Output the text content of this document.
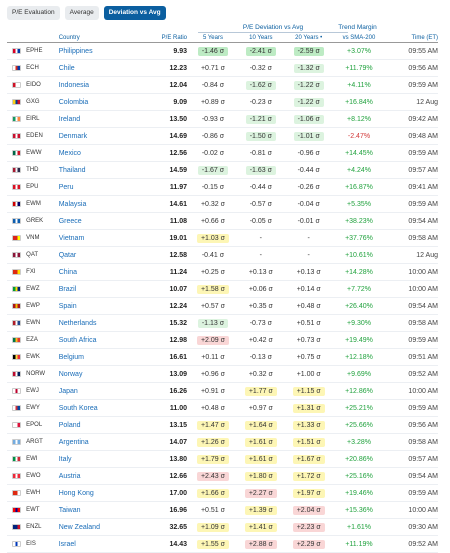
P/E Evaluation	Average	Deviation vs Avg
P/E Deviation vs Avg	Trend Margin
Country	P/E Ratio	5 Years	10 Years	20 Years •	vs SMA-200	Time (ET)
EPHE	Philippines	9.93	-1.46 σ	-2.41 σ	-2.59 σ	+3.07%	09:55 AM
ECH	Chile	12.23	+0.71 σ	-0.32 σ	-1.32 σ	+11.79%	09:56 AM
EIDO	Indonesia	12.04	-0.84 σ	-1.62 σ	-1.22 σ	+4.11%	09:59 AM
GXG	Colombia	9.09	+0.89 σ	-0.23 σ	-1.22 σ	+16.84%	12 Aug
EIRL	Ireland	13.50	-0.93 σ	-1.21 σ	-1.06 σ	+8.12%	09:42 AM
EDEN	Denmark	14.69	-0.86 σ	-1.50 σ	-1.01 σ	-2.47%	09:48 AM
EWW	Mexico	12.56	-0.02 σ	-0.81 σ	-0.96 σ	+14.45%	09:59 AM
THD	Thailand	14.59	-1.67 σ	-1.63 σ	-0.44 σ	+4.24%	09:57 AM
EPU	Peru	11.97	-0.15 σ	-0.44 σ	-0.26 σ	+16.87%	09:41 AM
EWM	Malaysia	14.61	+0.32 σ	-0.57 σ	-0.04 σ	+5.35%	09:59 AM
GREK	Greece	11.08	+0.66 σ	-0.05 σ	-0.01 σ	+38.23%	09:54 AM
VNM	Vietnam	19.01	+1.03 σ	-	-	+37.76%	09:58 AM
QAT	Qatar	12.58	-0.41 σ	-	-	+10.61%	12 Aug
FXI	China	11.24	+0.25 σ	+0.13 σ	+0.13 σ	+14.28%	10:00 AM
EWZ	Brazil	10.07	+1.58 σ	+0.06 σ	+0.14 σ	+7.72%	10:00 AM
EWP	Spain	12.24	+0.57 σ	+0.35 σ	+0.48 σ	+26.40%	09:54 AM
EWN	Netherlands	15.32	-1.13 σ	-0.73 σ	+0.51 σ	+9.30%	09:58 AM
EZA	South Africa	12.98	+2.09 σ	+0.42 σ	+0.73 σ	+19.49%	09:59 AM
EWK	Belgium	16.61	+0.11 σ	-0.13 σ	+0.75 σ	+12.18%	09:51 AM
NORW	Norway	13.09	+0.96 σ	+0.32 σ	+1.00 σ	+9.69%	09:52 AM
EWJ	Japan	16.26	+0.91 σ	+1.77 σ	+1.15 σ	+12.86%	10:00 AM
EWY	South Korea	11.00	+0.48 σ	+0.97 σ	+1.31 σ	+25.21%	09:59 AM
EPOL	Poland	13.15	+1.47 σ	+1.64 σ	+1.33 σ	+25.66%	09:56 AM
ARGT	Argentina	14.07	+1.26 σ	+1.61 σ	+1.51 σ	+3.28%	09:58 AM
EWI	Italy	13.80	+1.79 σ	+1.61 σ	+1.67 σ	+20.86%	09:57 AM
EWO	Austria	12.66	+2.43 σ	+1.80 σ	+1.72 σ	+25.16%	09:54 AM
EWH	Hong Kong	17.00	+1.66 σ	+2.27 σ	+1.97 σ	+19.46%	09:59 AM
EWT	Taiwan	16.96	+0.51 σ	+1.39 σ	+2.04 σ	+15.36%	10:00 AM
ENZL	New Zealand	32.65	+1.09 σ	+1.41 σ	+2.23 σ	+1.61%	09:30 AM
EIS	Israel	14.43	+1.55 σ	+2.88 σ	+2.29 σ	+11.19%	09:52 AM
